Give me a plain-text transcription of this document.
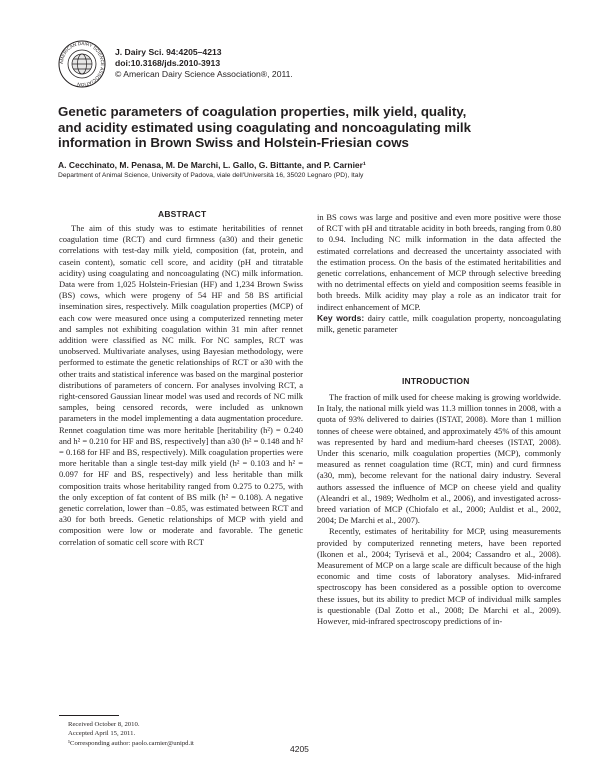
AMERICAN DAIRY SCIENCE ASSOCIATION
J. Dairy Sci. 94:4205–4213
doi:10.3168/jds.2010-3913
© American Dairy Science Association®, 2011.
Genetic parameters of coagulation properties, milk yield, quality,
and acidity estimated using coagulating and noncoagulating milk
information in Brown Swiss and Holstein-Friesian cows
A. Cecchinato, M. Penasa, M. De Marchi, L. Gallo, G. Bittante, and P. Carnier¹
Department of Animal Science, University of Padova, viale dell'Università 16, 35020 Legnaro (PD), Italy
ABSTRACT
The aim of this study was to estimate heritabilities of rennet coagulation time (RCT) and curd firmness (a30) and their genetic correlations with test-day milk yield, composition (fat, protein, and casein content), somatic cell score, and acidity (pH and titratable acidity) using coagulating and noncoagulating (NC) milk information. Data were from 1,025 Holstein-Friesian (HF) and 1,234 Brown Swiss (BS) cows, which were progeny of 54 HF and 58 BS artificial insemination sires, respectively. Milk coagulation properties (MCP) of each cow were measured once using a computerized renneting meter and samples not exhibiting coagulation within 31 min after rennet addition were classified as NC milk. For NC samples, RCT was unobserved. Multivariate analyses, using Bayesian methodology, were performed to estimate the genetic relationships of RCT or a30 with the other traits and statistical inference was based on the marginal posterior distributions of parameters of concern. For analyses involving RCT, a right-censored Gaussian linear model was used and records of NC milk samples, being censored records, were included as unknown parameters in the model implementing a data augmentation procedure. Rennet coagulation time was more heritable [heritability (h²) = 0.240 and h² = 0.210 for HF and BS, respectively] than a30 (h² = 0.148 and h² = 0.168 for HF and BS, respectively). Milk coagulation properties were more heritable than a single test-day milk yield (h² = 0.103 and h² = 0.097 for HF and BS, respectively) and less heritable than milk composition traits whose heritability ranged from 0.275 to 0.275, with the only exception of fat content of BS milk (h² = 0.108). A negative genetic correlation, lower than −0.85, was estimated between RCT and a30 for both breeds. Genetic relationships of MCP with yield and composition were low or moderate and favorable. The genetic correlation of somatic cell score with RCT

in BS cows was large and positive and even more positive were those of RCT with pH and titratable acidity in both breeds, ranging from 0.80 to 0.94. Including NC milk information in the data affected the estimated correlations and decreased the uncertainty associated with the estimation process. On the basis of the estimated heritabilities and genetic correlations, enhancement of MCP through selective breeding with no detrimental effects on yield and composition seems feasible in both breeds. Milk acidity may play a role as an indicator trait for indirect enhancement of MCP.

Key words: dairy cattle, milk coagulation property, noncoagulating milk, genetic parameter

INTRODUCTION

The fraction of milk used for cheese making is growing worldwide. In Italy, the national milk yield was 11.3 million tonnes in 2008, with a quota of 93% delivered to dairies (ISTAT, 2008). More than 1 million tonnes of cheese were obtained, and approximately 45% of this amount was represented by hard and medium-hard cheeses (ISTAT, 2008). Under this scenario, milk coagulation properties (MCP), commonly measured as rennet coagulation time (RCT, min) and curd firmness (a30, mm), become relevant for the national dairy industry. Several authors assessed the influence of MCP on cheese yield and quality (Aleandri et al., 1989; Wedholm et al., 2006), and investigated across-breed variation of MCP (Chiofalo et al., 2000; Auldist et al., 2002, 2004; De Marchi et al., 2007).

Recently, estimates of heritability for MCP, using measurements provided by computerized renneting meters, have been reported (Ikonen et al., 2004; Tyrisevä et al., 2004; Cassandro et al., 2008). Measurement of MCP on a large scale are difficult because of the high economic and time costs of laboratory analyses. Mid-infrared spectroscopy has been considered as a possible option to overcome these issues, but its ability to predict MCP of individual milk samples is questionable (Dal Zotto et al., 2008; De Marchi et al., 2009). However, mid-infrared spectroscopy predictions of in-

Received October 8, 2010.
Accepted April 15, 2011.
¹Corresponding author: paolo.carnier@unipd.it
4205
